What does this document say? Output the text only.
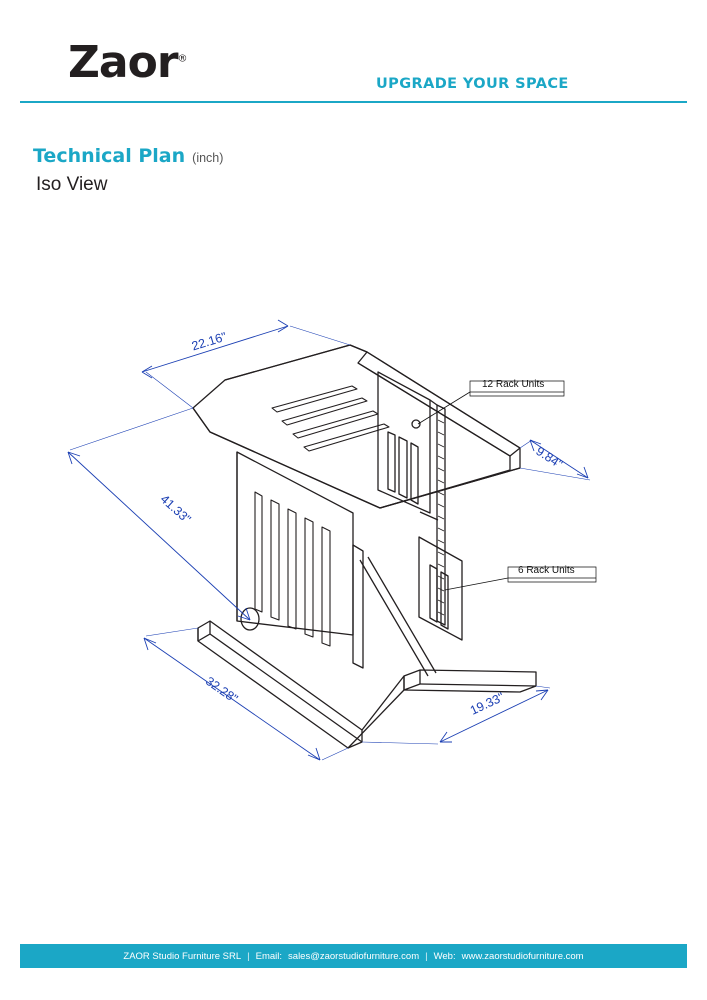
Zaor®
UPGRADE YOUR SPACE
Technical Plan (inch)
Iso View
22.16"
41.33"
9.84"
32.28"	19.33"
12 Rack Units
6 Rack Units
ZAOR Studio Furniture SRL | Email: sales@zaorstudiofurniture.com | Web: www.zaorstudiofurniture.com
